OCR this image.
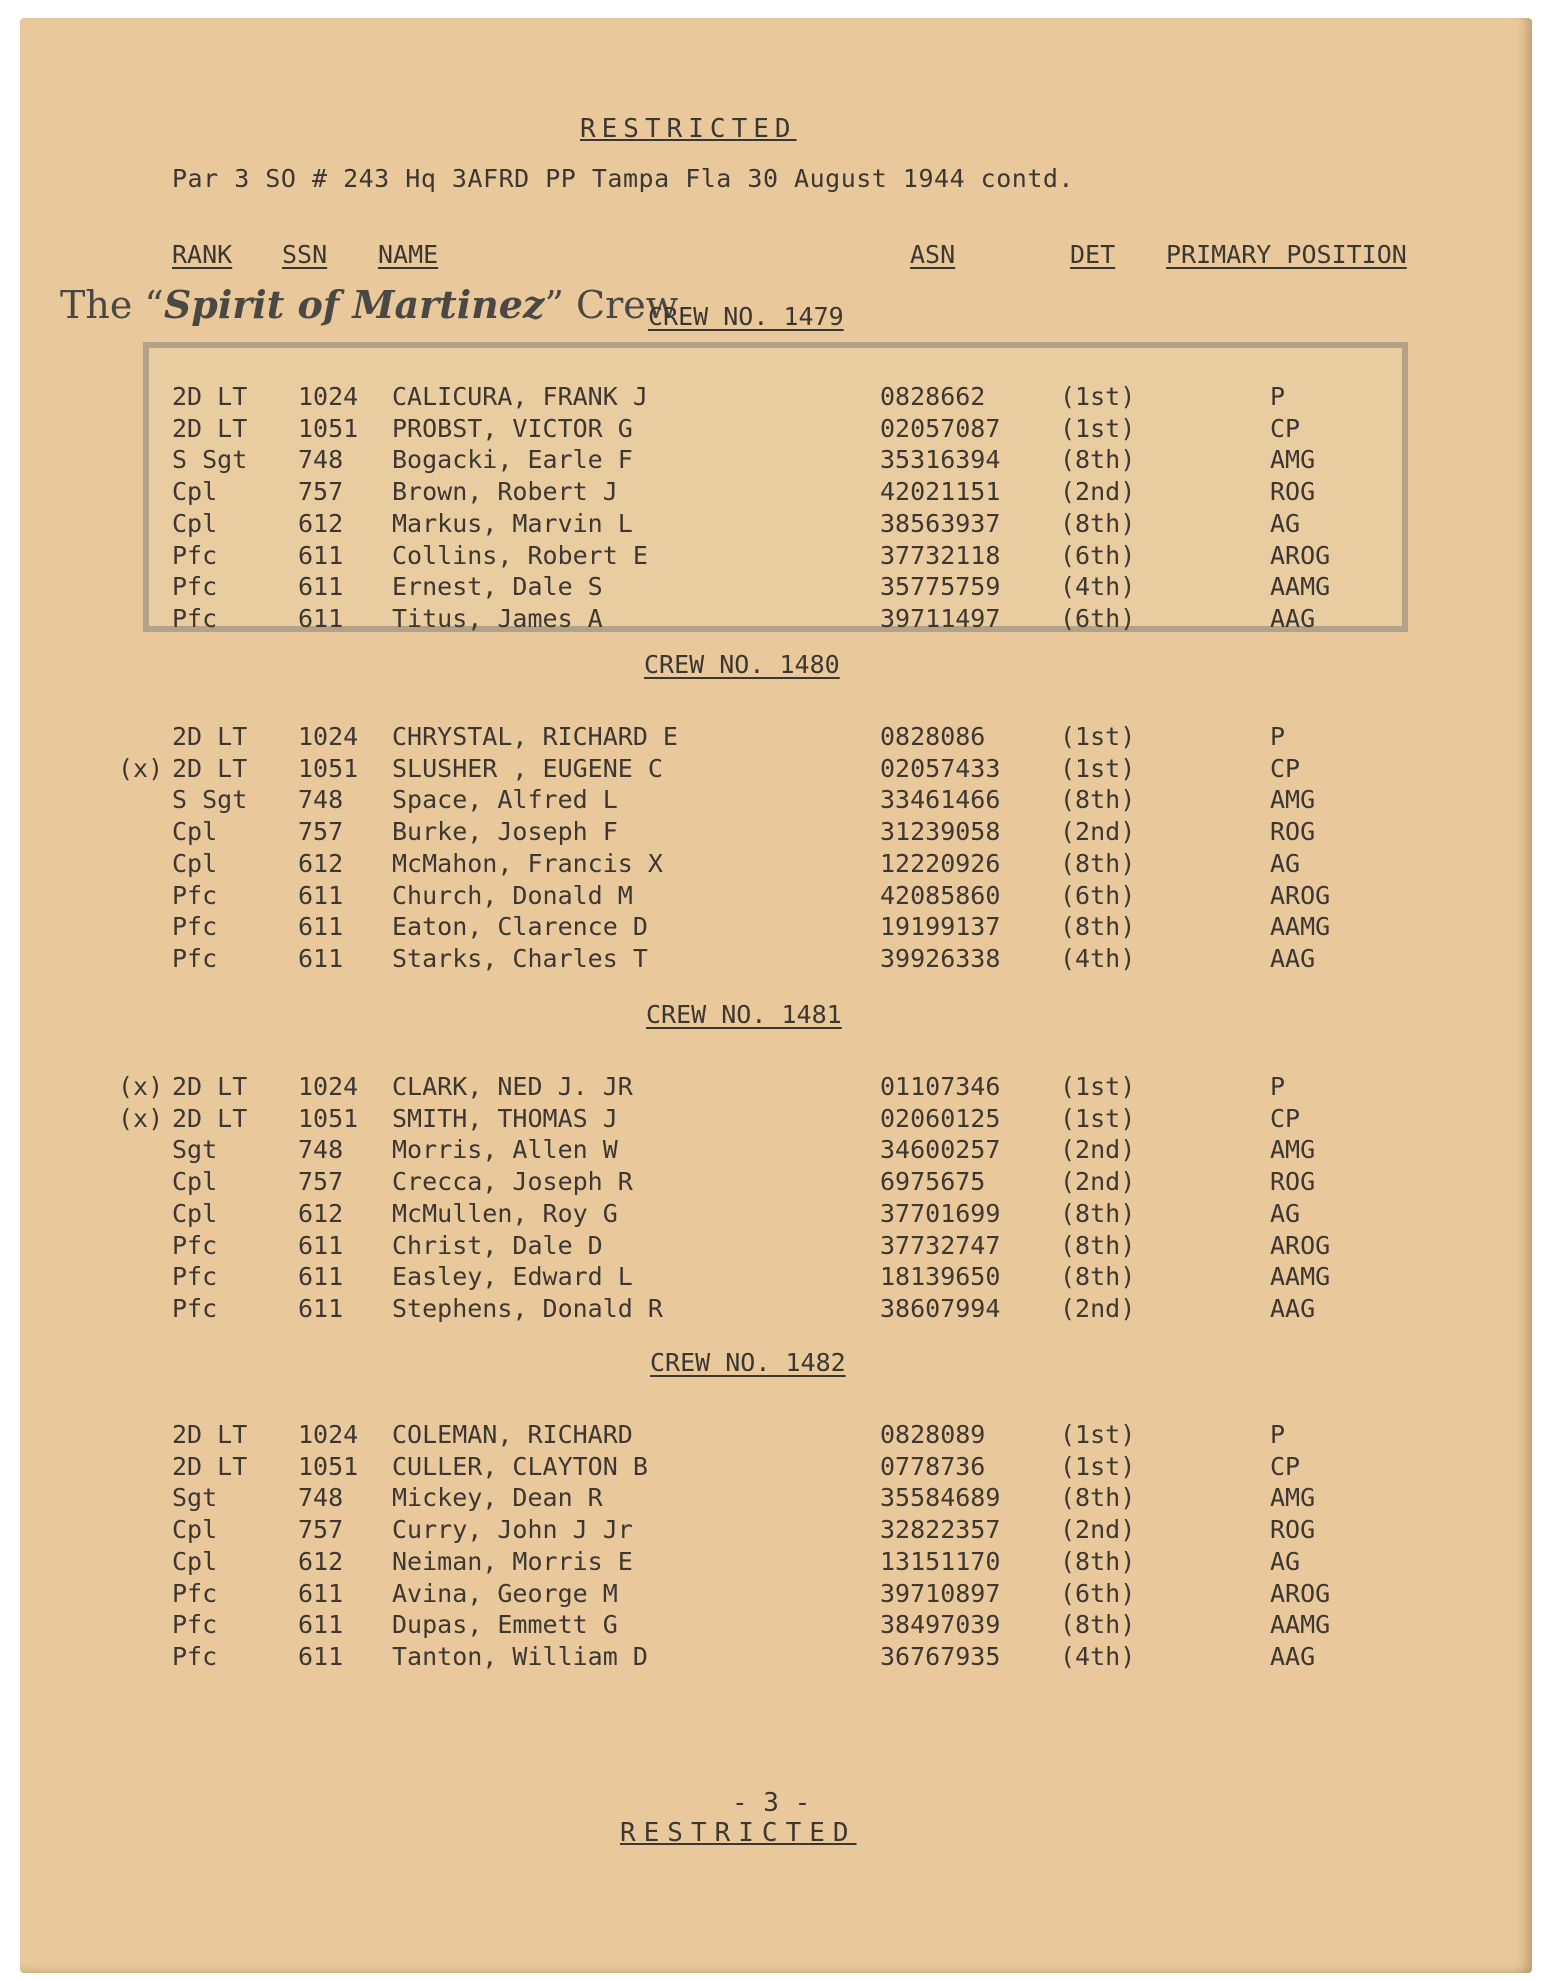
RESTRICTED
Par 3 SO # 243 Hq 3AFRD PP Tampa Fla 30 August 1944 contd.
RANK SSN NAME	ASN	DET PRIMARY POSITION
The “Spirit of Martinez” Crew
CREW NO. 1479
2D LT 1024 CALICURA, FRANK J	0828662	(1st)	P
2D LT 1051 PROBST, VICTOR G	02057087 (1st)	CP
S Sgt 748 Bogacki, Earle F	35316394 (8th)	AMG
Cpl	757 Brown, Robert J	42021151 (2nd)	ROG
Cpl	612 Markus, Marvin L	38563937 (8th)	AG
Pfc	611 Collins, Robert E	37732118 (6th)	AROG
Pfc	611 Ernest, Dale S	35775759 (4th)	AAMG
Pfc	611 Titus, James A	39711497 (6th)	AAG
CREW NO. 1480
2D LT 1024 CHRYSTAL, RICHARD E	0828086	(1st)	P
(x) 2D LT 1051 SLUSHER , EUGENE C	02057433 (1st)	CP
S Sgt 748 Space, Alfred L	33461466 (8th)	AMG
Cpl	757 Burke, Joseph F	31239058 (2nd)	ROG
Cpl	612 McMahon, Francis X	12220926 (8th)	AG
Pfc	611 Church, Donald M	42085860 (6th)	AROG
Pfc	611 Eaton, Clarence D	19199137 (8th)	AAMG
Pfc	611 Starks, Charles T	39926338 (4th)	AAG
CREW NO. 1481
(x) 2D LT 1024 CLARK, NED J. JR	01107346 (1st)	P
(x) 2D LT 1051 SMITH, THOMAS J	02060125 (1st)	CP
Sgt	748 Morris, Allen W	34600257 (2nd)	AMG
Cpl	757 Crecca, Joseph R	6975675	(2nd)	ROG
Cpl	612 McMullen, Roy G	37701699 (8th)	AG
Pfc	611 Christ, Dale D	37732747 (8th)	AROG
Pfc	611 Easley, Edward L	18139650 (8th)	AAMG
Pfc	611 Stephens, Donald R	38607994 (2nd)	AAG
CREW NO. 1482
2D LT 1024 COLEMAN, RICHARD	0828089	(1st)	P
2D LT 1051 CULLER, CLAYTON B	0778736	(1st)	CP
Sgt	748 Mickey, Dean R	35584689 (8th)	AMG
Cpl	757 Curry, John J Jr	32822357 (2nd)	ROG
Cpl	612 Neiman, Morris E	13151170 (8th)	AG
Pfc	611 Avina, George M	39710897 (6th)	AROG
Pfc	611 Dupas, Emmett G	38497039 (8th)	AAMG
Pfc	611 Tanton, William D	36767935 (4th)	AAG
- 3 -
RESTRICTED
